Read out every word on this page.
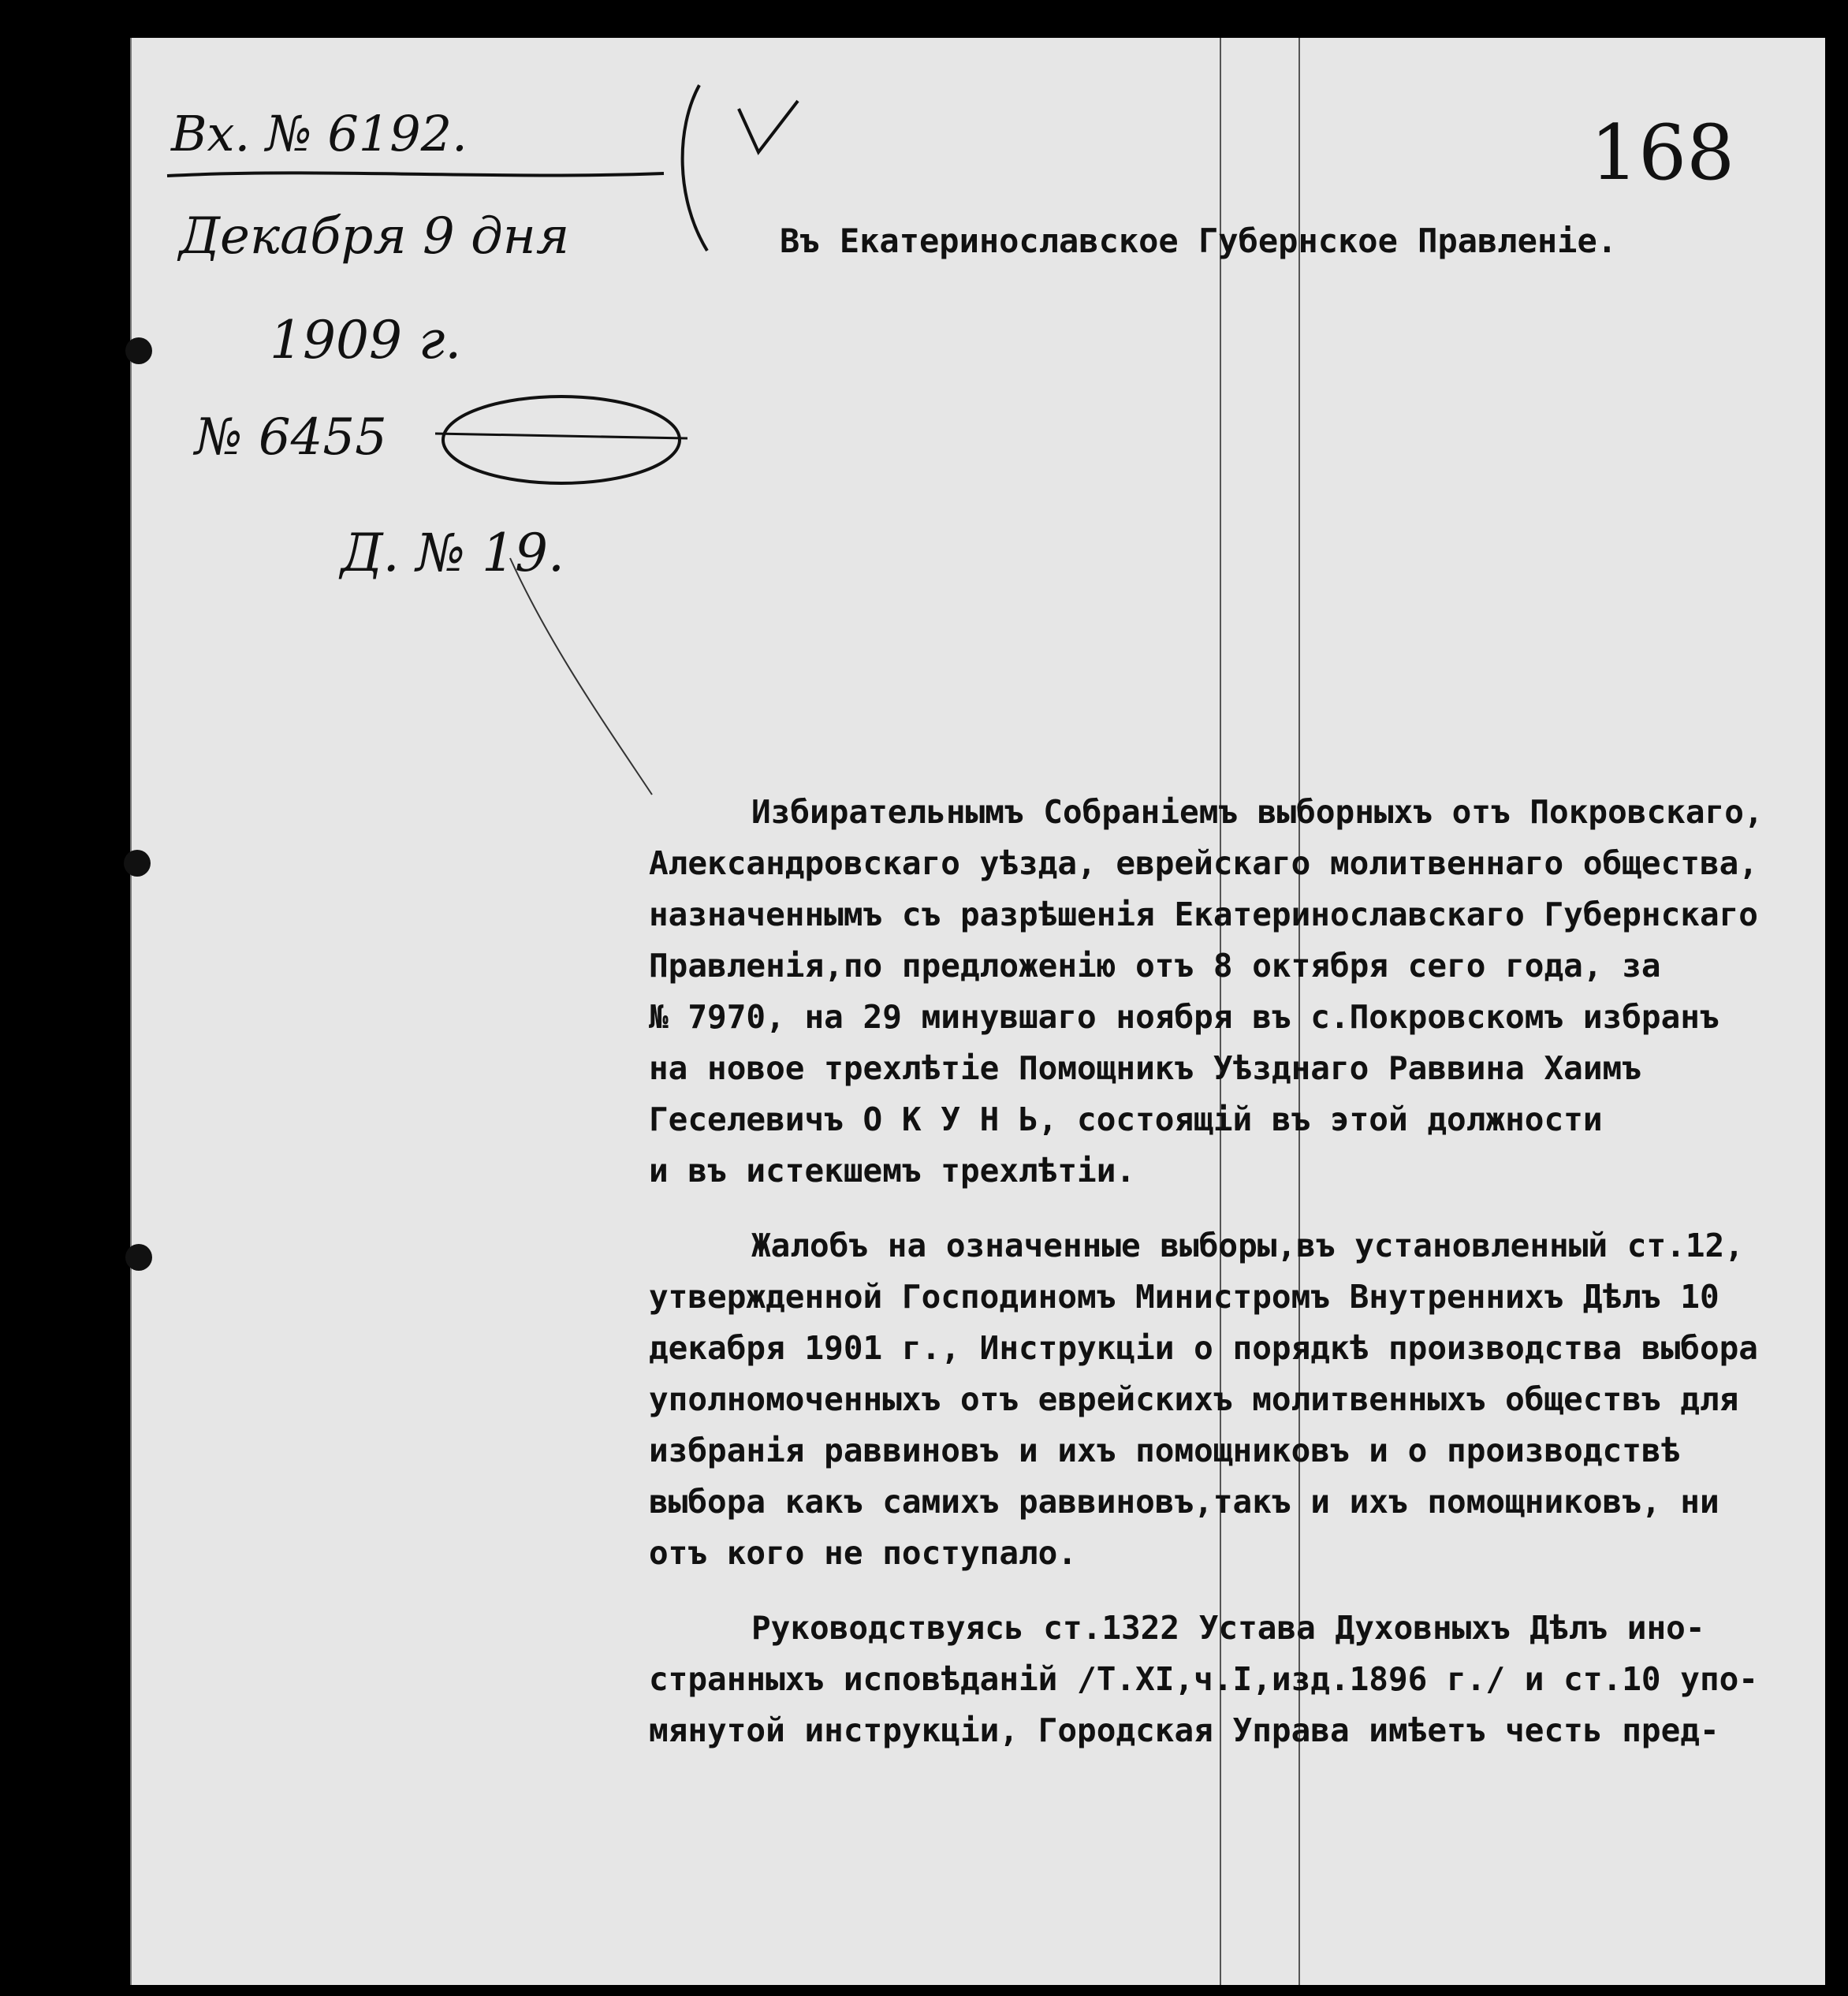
Вх. № 6192.
Декабря 9 дня
1909 г.
№ 6455
Д. № 19.
168
Въ Екатеринославское Губернское Правленіе.
Избирательнымъ Собраніемъ выборныхъ отъ Покровскаго,
Александровскаго уѣзда, еврейскаго молитвеннаго общества,
назначеннымъ съ разрѣшенія Екатеринославскаго Губернскаго
Правленія,по предложенію отъ 8 октября сего года, за
№ 7970, на 29 минувшаго ноября въ с.Покровскомъ избранъ
на новое трехлѣтіе Помощникъ Уѣзднаго Раввина Хаимъ
Геселевичъ О К У Н Ь, состоящій въ этой должности
и въ истекшемъ трехлѣтіи.
Жалобъ на означенные выборы,въ установленный ст.12,
утвержденной Господиномъ Министромъ Внутреннихъ Дѣлъ 10
декабря 1901 г., Инструкціи о порядкѣ производства выбора
уполномоченныхъ отъ еврейскихъ молитвенныхъ обществъ для
избранія раввиновъ и ихъ помощниковъ и о производствѣ
выбора какъ самихъ раввиновъ,такъ и ихъ помощниковъ, ни
отъ кого не поступало.
Руководствуясь ст.1322 Устава Духовныхъ Дѣлъ ино-
странныхъ исповѣданій /Т.XI,ч.I,изд.1896 г./ и ст.10 упо-
мянутой инструкціи, Городская Управа имѣетъ честь пред-
